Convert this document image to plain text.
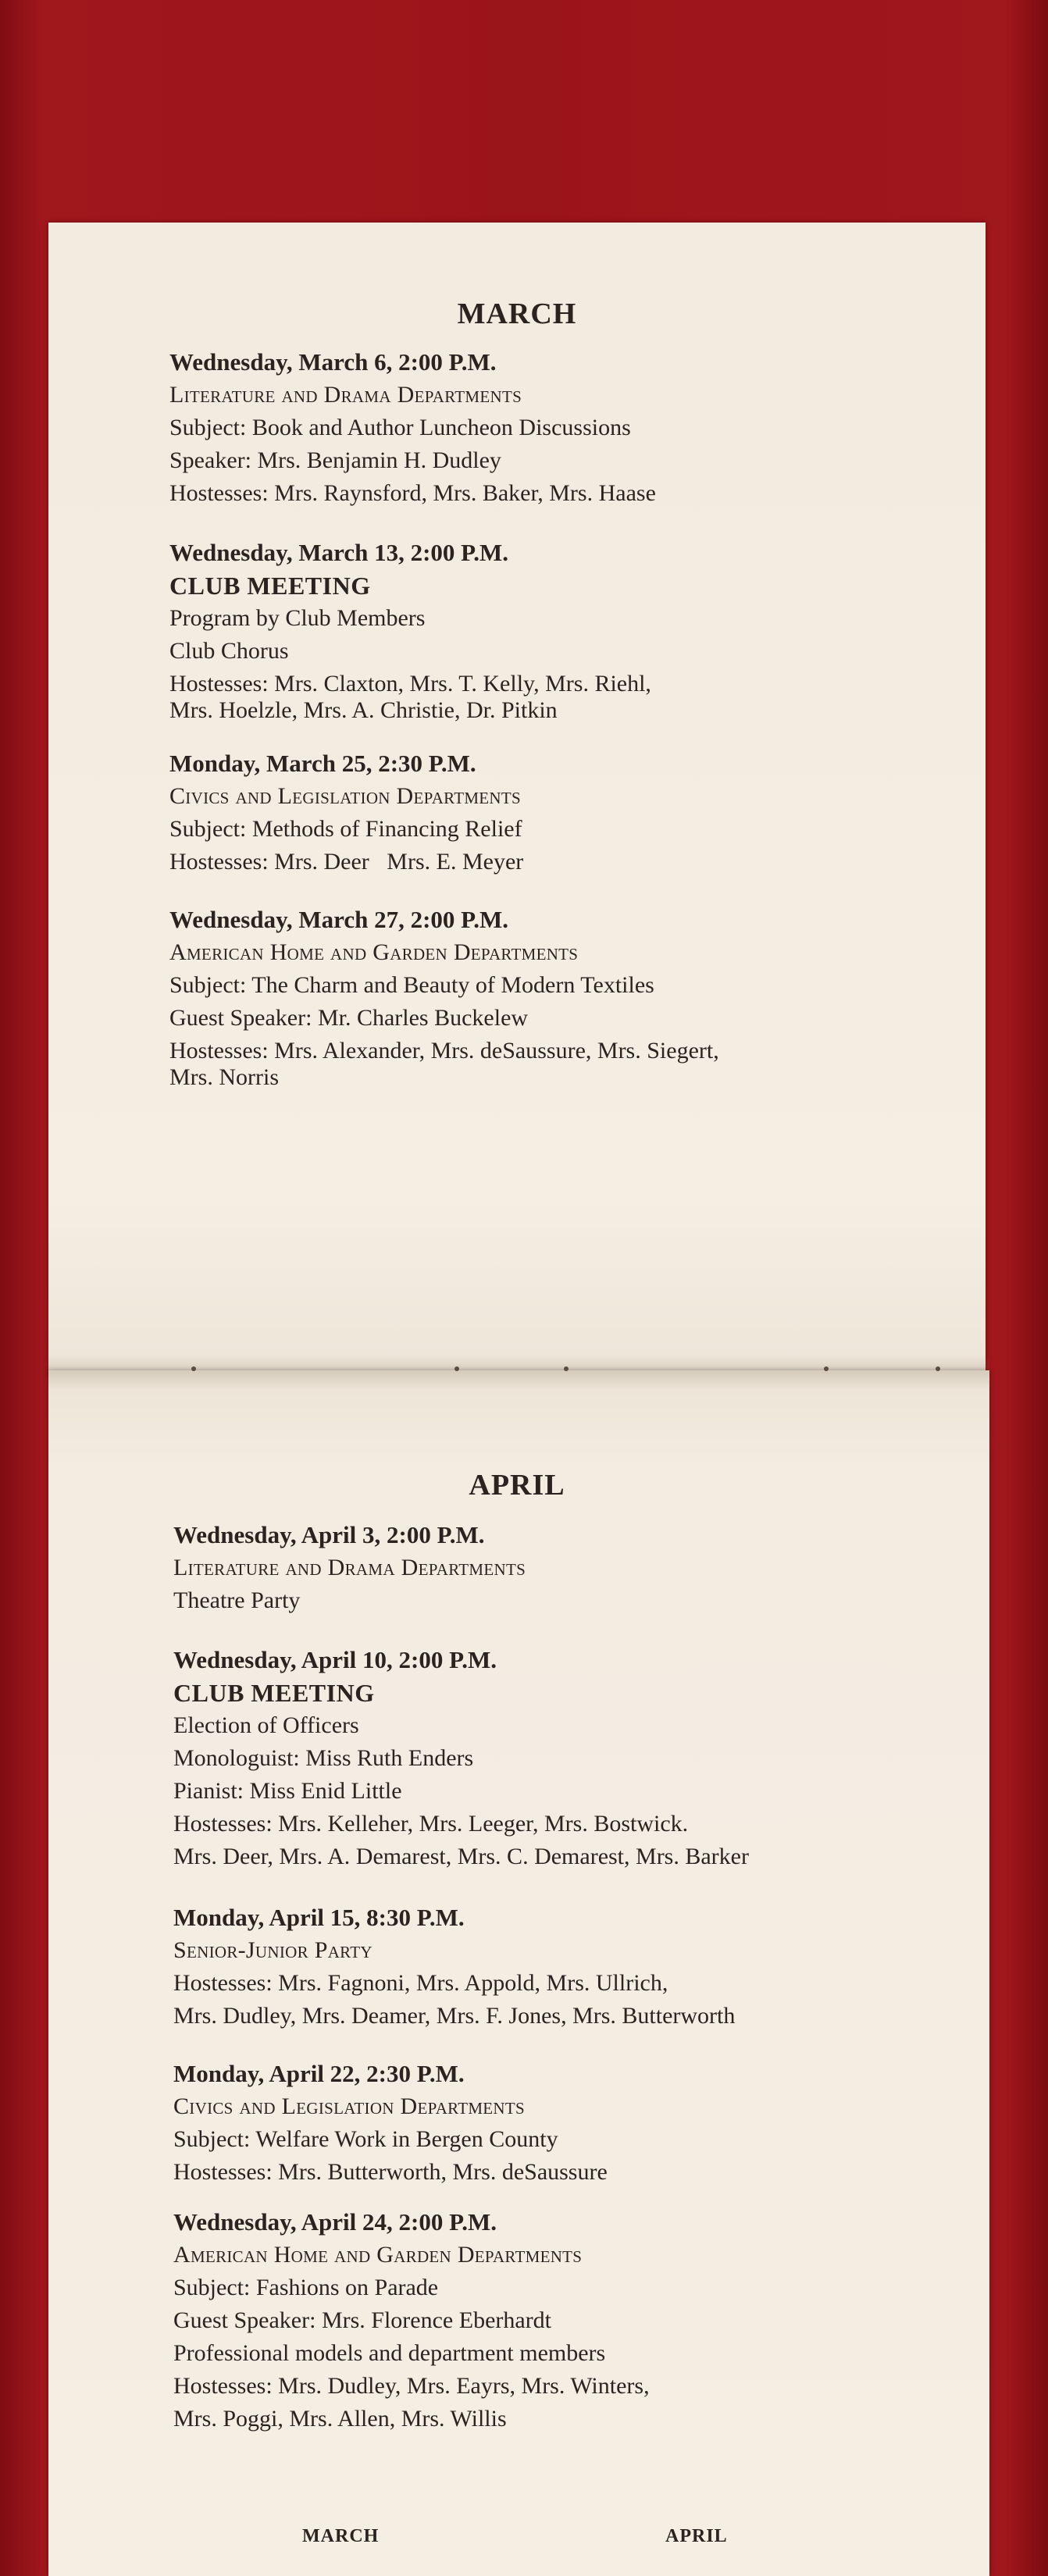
MARCH
Wednesday, March 6, 2:00 P.M.
Literature and Drama Departments
Subject: Book and Author Luncheon Discussions
Speaker: Mrs. Benjamin H. Dudley
Hostesses: Mrs. Raynsford, Mrs. Baker, Mrs. Haase
Wednesday, March 13, 2:00 P.M.
CLUB MEETING
Program by Club Members
Club Chorus
Hostesses: Mrs. Claxton, Mrs. T. Kelly, Mrs. Riehl,
Mrs. Hoelzle, Mrs. A. Christie, Dr. Pitkin
Monday, March 25, 2:30 P.M.
Civics and Legislation Departments
Subject: Methods of Financing Relief
Hostesses: Mrs. Deer   Mrs. E. Meyer
Wednesday, March 27, 2:00 P.M.
American Home and Garden Departments
Subject: The Charm and Beauty of Modern Textiles
Guest Speaker: Mr. Charles Buckelew
Hostesses: Mrs. Alexander, Mrs. deSaussure, Mrs. Siegert,
Mrs. Norris
APRIL
Wednesday, April 3, 2:00 P.M.
Literature and Drama Departments
Theatre Party
Wednesday, April 10, 2:00 P.M.
CLUB MEETING
Election of Officers
Monologuist: Miss Ruth Enders
Pianist: Miss Enid Little
Hostesses: Mrs. Kelleher, Mrs. Leeger, Mrs. Bostwick.
Mrs. Deer, Mrs. A. Demarest, Mrs. C. Demarest, Mrs. Barker
Monday, April 15, 8:30 P.M.
Senior-Junior Party
Hostesses: Mrs. Fagnoni, Mrs. Appold, Mrs. Ullrich,
Mrs. Dudley, Mrs. Deamer, Mrs. F. Jones, Mrs. Butterworth
Monday, April 22, 2:30 P.M.
Civics and Legislation Departments
Subject: Welfare Work in Bergen County
Hostesses: Mrs. Butterworth, Mrs. deSaussure
Wednesday, April 24, 2:00 P.M.
American Home and Garden Departments
Subject: Fashions on Parade
Guest Speaker: Mrs. Florence Eberhardt
Professional models and department members
Hostesses: Mrs. Dudley, Mrs. Eayrs, Mrs. Winters,
Mrs. Poggi, Mrs. Allen, Mrs. Willis
MARCH	APRIL
